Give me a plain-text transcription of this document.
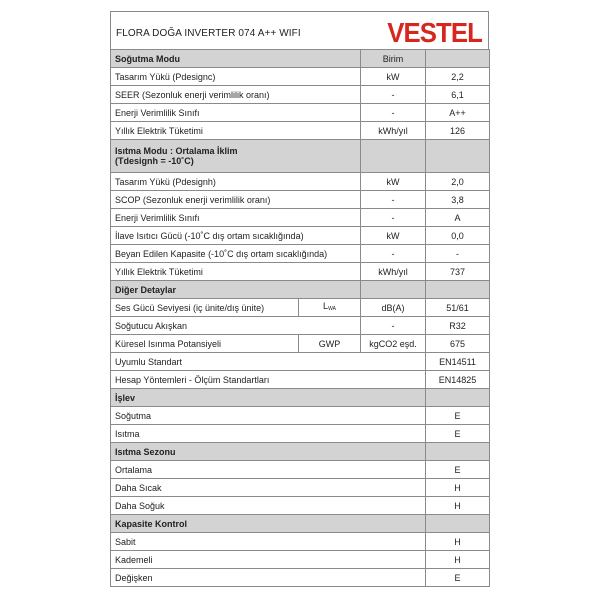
FLORA DOĞA INVERTER 074 A++ WIFI	VESTEL
Soğutma Modu		Birim	
Tasarım Yükü (Pdesignc)		kW	2,2
SEER (Sezonluk enerji verimlilik oranı)		-	6,1
Enerji Verimlilik Sınıfı		-	A++
Yıllık Elektrik Tüketimi		kWh/yıl	126

Isıtma Modu : Ortalama İklim
(Tdesignh = -10˚C)			

Tasarım Yükü (Pdesignh)		kW	2,0
SCOP (Sezonluk enerji verimlilik oranı)		-	3,8
Enerji Verimlilik Sınıfı		-	A
İlave Isıtıcı Gücü (-10˚C dış ortam sıcaklığında)		kW	0,0
Beyan Edilen Kapasite (-10˚C dış ortam sıcaklığında)		-	-
Yıllık Elektrik Tüketimi		kWh/yıl	737
Diğer Detaylar			
Ses Gücü Seviyesi (iç ünite/dış ünite)	$L_{WA}$	dB(A)	51/61
Soğutucu Akışkan		-	R32
Küresel Isınma Potansiyeli	GWP	kgCO2 eşd.	675
Uyumlu Standart			EN14511
Hesap Yöntemleri - Ölçüm Standartları			EN14825
İşlev			
Soğutma			E
Isıtma			E
Isıtma Sezonu			
Ortalama			E
Daha Sıcak			H
Daha Soğuk			H
Kapasite Kontrol			
Sabit			H
Kademeli			H
Değişken			E
